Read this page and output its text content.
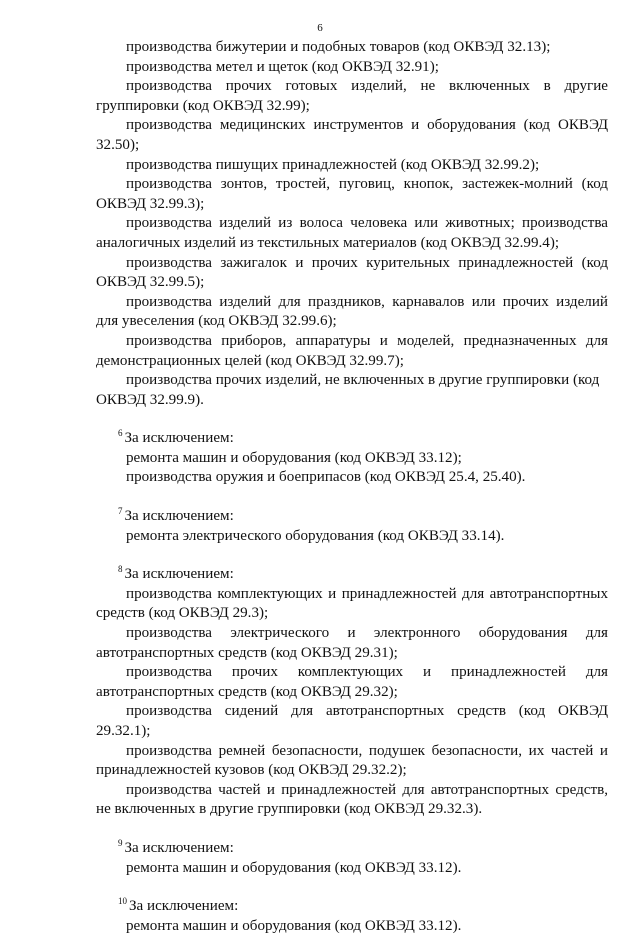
6

производства бижутерии и подобных товаров (код ОКВЭД 32.13);

производства метел и щеток (код ОКВЭД 32.91);

производства прочих готовых изделий, не включенных в другие группировки (код ОКВЭД 32.99);

производства медицинских инструментов и оборудования (код ОКВЭД 32.50);

производства пишущих принадлежностей (код ОКВЭД 32.99.2);

производства зонтов, тростей, пуговиц, кнопок, застежек-молний (код ОКВЭД 32.99.3);

производства изделий из волоса человека или животных; производства аналогичных изделий из текстильных материалов (код ОКВЭД 32.99.4);

производства зажигалок и прочих курительных принадлежностей (код ОКВЭД 32.99.5);

производства изделий для праздников, карнавалов или прочих изделий для увеселения (код ОКВЭД 32.99.6);

производства приборов, аппаратуры и моделей, предназначенных для демонстрационных целей (код ОКВЭД 32.99.7);

производства прочих изделий, не включенных в другие группировки (код ОКВЭД 32.99.9).

$^6$ За исключением:

ремонта машин и оборудования (код ОКВЭД 33.12);

производства оружия и боеприпасов (код ОКВЭД 25.4, 25.40).

$^7$ За исключением:

ремонта электрического оборудования (код ОКВЭД 33.14).

$^8$ За исключением:

производства комплектующих и принадлежностей для автотранспортных средств (код ОКВЭД 29.3);

производства электрического и электронного оборудования для автотранспортных средств (код ОКВЭД 29.31);

производства прочих комплектующих и принадлежностей для автотранспортных средств (код ОКВЭД 29.32);

производства сидений для автотранспортных средств (код ОКВЭД 29.32.1);

производства ремней безопасности, подушек безопасности, их частей и принадлежностей кузовов (код ОКВЭД 29.32.2);

производства частей и принадлежностей для автотранспортных средств, не включенных в другие группировки (код ОКВЭД 29.32.3).

$^9$ За исключением:

ремонта машин и оборудования (код ОКВЭД 33.12).

$^{10}$ За исключением:

ремонта машин и оборудования (код ОКВЭД 33.12).
